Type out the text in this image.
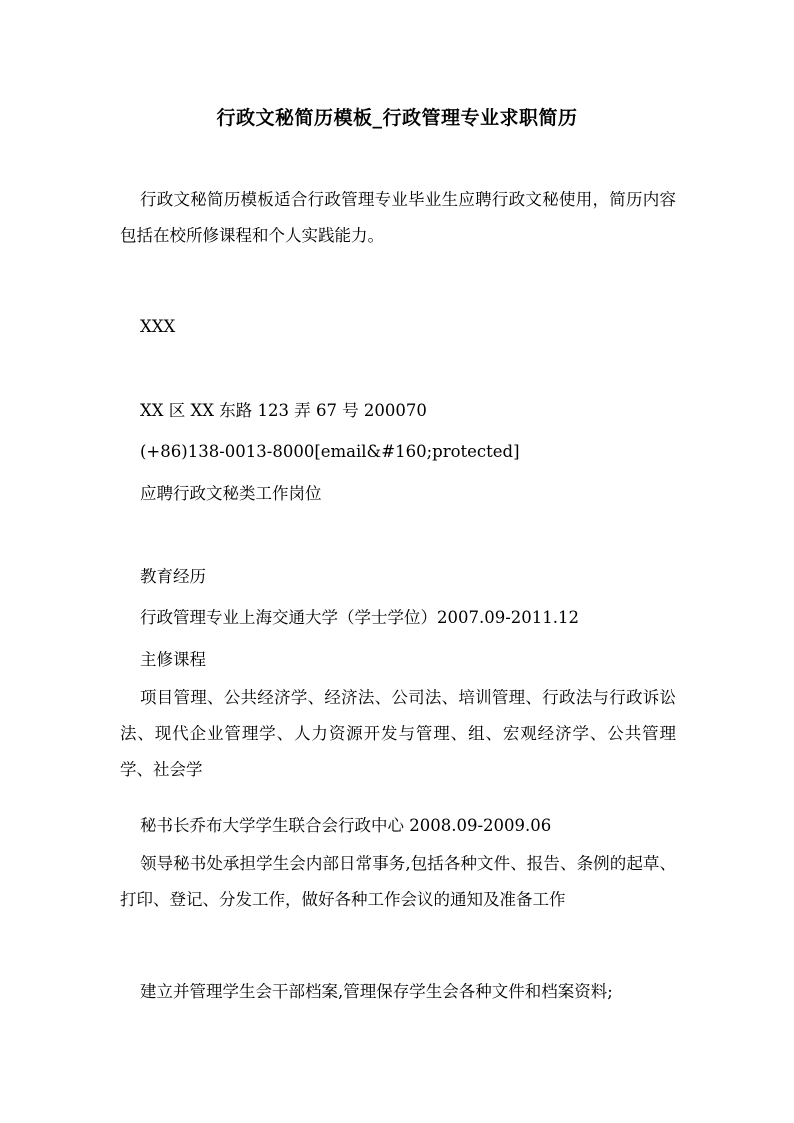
行政文秘简历模板_行政管理专业求职简历
行政文秘简历模板适合行政管理专业毕业生应聘行政文秘使用，简历内容包括在校所修课程和个人实践能力。
XXX
XX 区 XX 东路 123 弄 67 号 200070
(+86)138-0013-8000[email&#160;protected]
应聘行政文秘类工作岗位
教育经历
行政管理专业上海交通大学（学士学位）2007.09-2011.12
主修课程
项目管理、公共经济学、经济法、公司法、培训管理、行政法与行政诉讼法、现代企业管理学、人力资源开发与管理、组、宏观经济学、公共管理学、社会学
秘书长乔布大学学生联合会行政中心 2008.09-2009.06
领导秘书处承担学生会内部日常事务,包括各种文件、报告、条例的起草、打印、登记、分发工作，做好各种工作会议的通知及准备工作
建立并管理学生会干部档案,管理保存学生会各种文件和档案资料;
